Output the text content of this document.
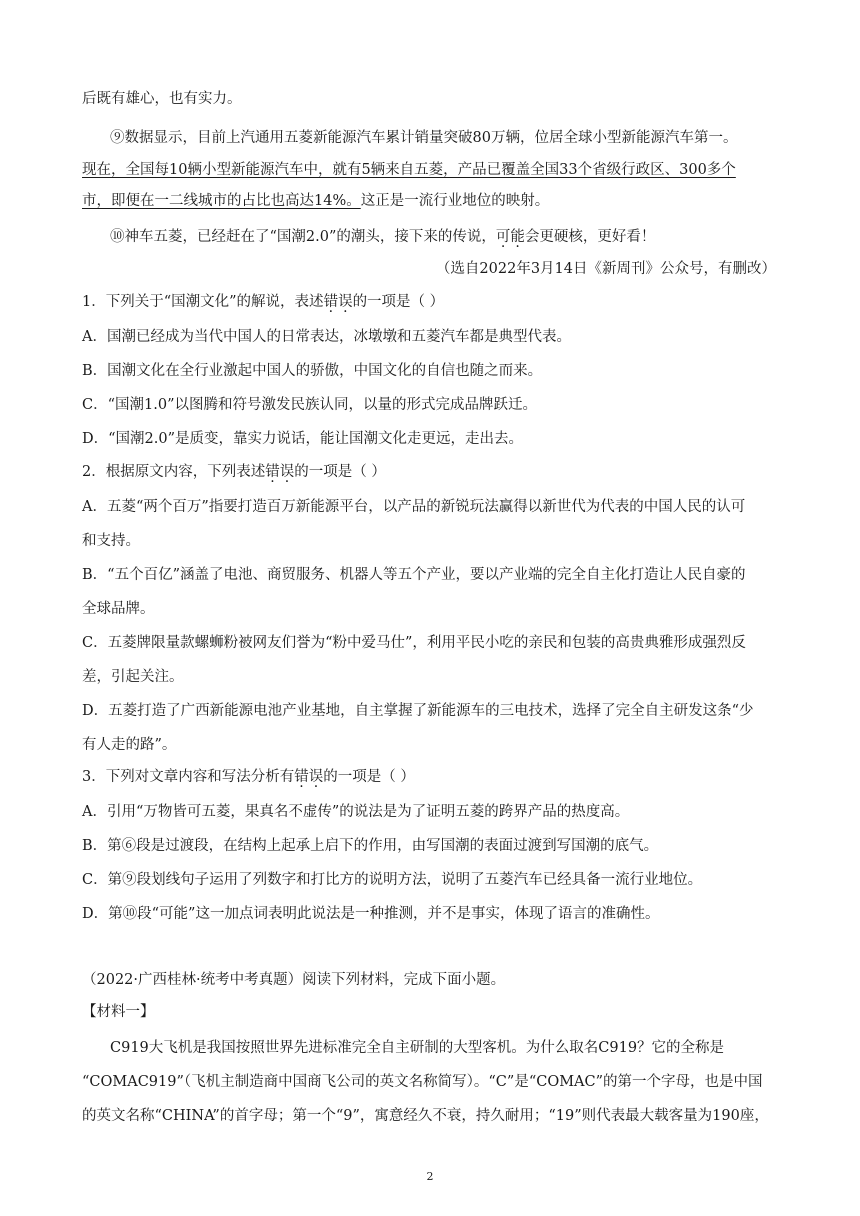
后既有雄心，也有实力。
⑨数据显示，目前上汽通用五菱新能源汽车累计销量突破80万辆，位居全球小型新能源汽车第一。
现在，全国每10辆小型新能源汽车中，就有5辆来自五菱，产品已覆盖全国33个省级行政区、300多个
市，即便在一二线城市的占比也高达14%。这正是一流行业地位的映射。
⑩神车五菱，已经赶在了“国潮2.0”的潮头，接下来的传说，可能会更硬核，更好看！
（选自2022年3月14日《新周刊》公众号，有删改）
1．下列关于“国潮文化”的解说，表述错误的一项是（ ）
A．国潮已经成为当代中国人的日常表达，冰墩墩和五菱汽车都是典型代表。
B．国潮文化在全行业激起中国人的骄傲，中国文化的自信也随之而来。
C．“国潮1.0”以图腾和符号激发民族认同，以量的形式完成品牌跃迁。
D．“国潮2.0”是质变，靠实力说话，能让国潮文化走更远，走出去。
2．根据原文内容，下列表述错误的一项是（ ）
A．五菱“两个百万”指要打造百万新能源平台，以产品的新锐玩法赢得以新世代为代表的中国人民的认可
和支持。
B．“五个百亿”涵盖了电池、商贸服务、机器人等五个产业，要以产业端的完全自主化打造让人民自豪的
全球品牌。
C．五菱牌限量款螺蛳粉被网友们誉为“粉中爱马仕”，利用平民小吃的亲民和包装的高贵典雅形成强烈反
差，引起关注。
D．五菱打造了广西新能源电池产业基地，自主掌握了新能源车的三电技术，选择了完全自主研发这条“少
有人走的路”。
3．下列对文章内容和写法分析有错误的一项是（ ）
A．引用“万物皆可五菱，果真名不虚传”的说法是为了证明五菱的跨界产品的热度高。
B．第⑥段是过渡段，在结构上起承上启下的作用，由写国潮的表面过渡到写国潮的底气。
C．第⑨段划线句子运用了列数字和打比方的说明方法，说明了五菱汽车已经具备一流行业地位。
D．第⑩段“可能”这一加点词表明此说法是一种推测，并不是事实，体现了语言的准确性。
（2022·广西桂林·统考中考真题）阅读下列材料，完成下面小题。
【材料一】
C919大飞机是我国按照世界先进标准完全自主研制的大型客机。为什么取名C919？它的全称是
“COMAC919”（飞机主制造商中国商飞公司的英文名称简写）。“C”是“COMAC”的第一个字母，也是中国
的英文名称“CHINA”的首字母；第一个“9”，寓意经久不衰，持久耐用；“19”则代表最大载客量为190座，
2
